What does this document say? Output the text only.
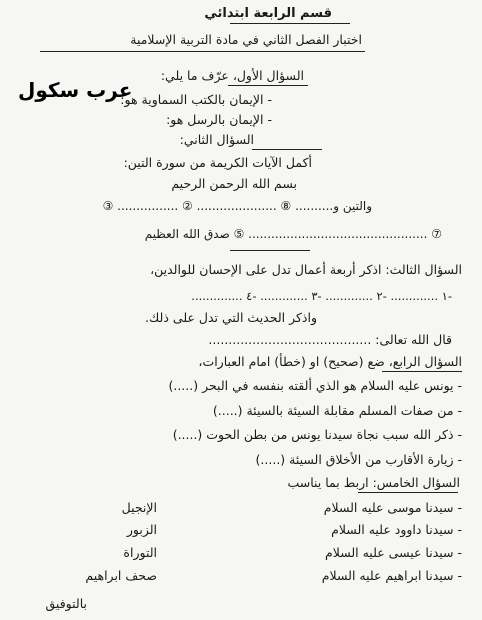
قسم الرابعة ابتدائي
اختبار الفصل الثاني في مادة التربية الإسلامية
عرب سكول
السؤال الأول، عرّف ما يلي:
- الإيمان بالكتب السماوية هو:
- الإيمان بالرسل هو:
السؤال الثاني:
أكمل الآيات الكريمة من سورة التين:
بسم الله الرحمن الرحيم
والتين و.......... ⑧ ..................... ② ................ ③
⑦ ............................................... ⑤ صدق الله العظيم
السؤال الثالث: اذكر أربعة أعمال تدل على الإحسان للوالدين،
-١ ............. -٢ ............. -٣ ............. -٤ ..............
واذكر الحديث التي تدل على ذلك.
قال الله تعالى: .........................................
السؤال الرابع، ضع (صحيح) او (خطأ) امام العبارات،
- يونس عليه السلام هو الذي ألقته بنفسه في البحر (.....)
- من صفات المسلم مقابلة السيئة بالسيئة (.....)
- ذكر الله سبب نجاة سيدنا يونس من بطن الحوت (.....)
- زيارة الأقارب من الأخلاق السيئة (.....)
السؤال الخامس: اربط بما يناسب
- سيدنا موسى عليه السلام
- سيدنا داوود عليه السلام
- سيدنا عيسى عليه السلام
- سيدنا ابراهيم عليه السلام
الإنجيل
الزبور
التوراة
صحف ابراهيم
بالتوفيق
